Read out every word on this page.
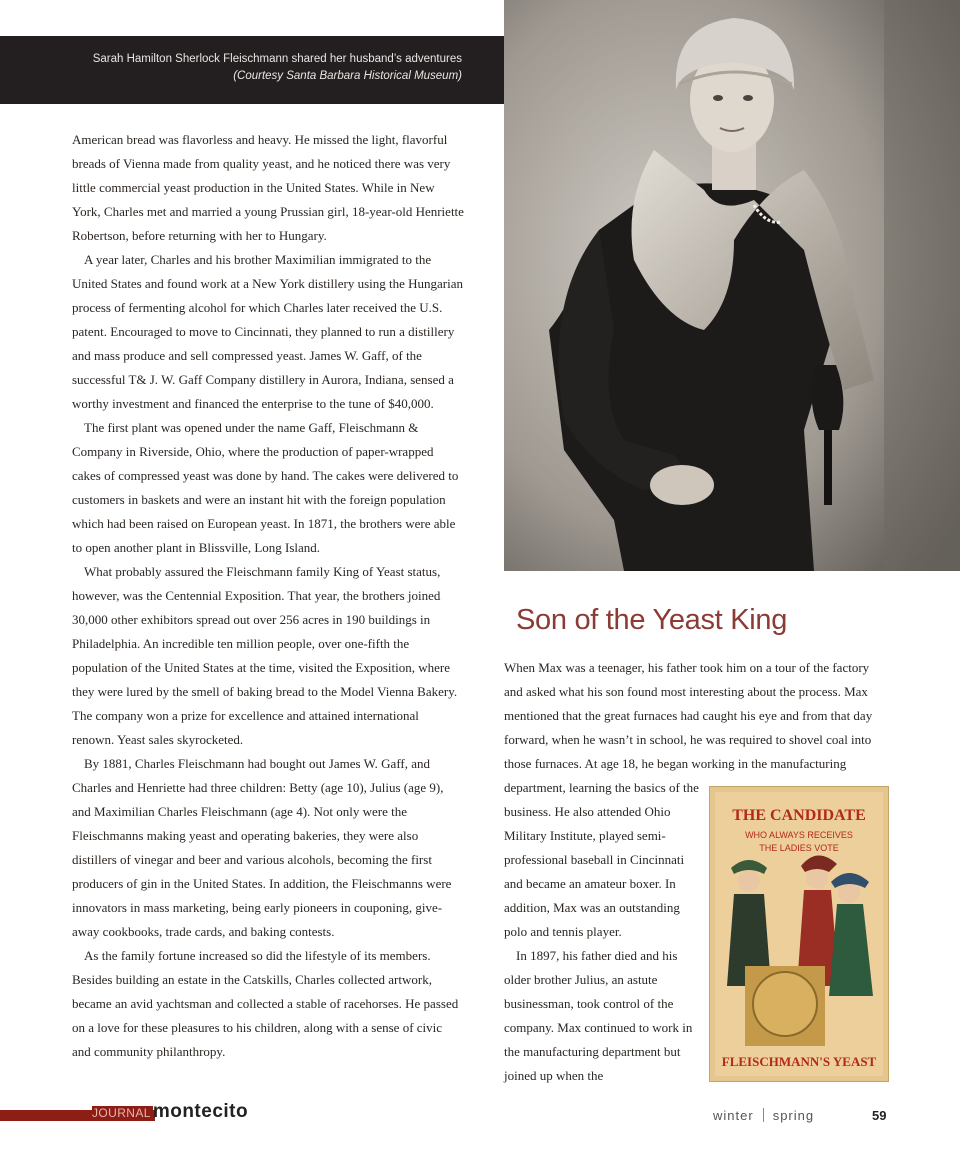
Sarah Hamilton Sherlock Fleischmann shared her husband’s adventures
(Courtesy Santa Barbara Historical Museum)

American bread was flavorless and heavy. He missed the light, flavorful breads of Vienna made from quality yeast, and he noticed there was very little commercial yeast production in the United States. While in New York, Charles met and married a young Prussian girl, 18-year-old Henriette Robertson, before returning with her to Hungary.

A year later, Charles and his brother Maximilian immigrated to the United States and found work at a New York distillery using the Hungarian process of fermenting alcohol for which Charles later received the U.S. patent. Encouraged to move to Cincinnati, they planned to run a distillery and mass produce and sell compressed yeast. James W. Gaff, of the successful T& J. W. Gaff Company distillery in Aurora, Indiana, sensed a worthy investment and financed the enterprise to the tune of $40,000.

The first plant was opened under the name Gaff, Fleischmann & Company in Riverside, Ohio, where the production of paper-wrapped cakes of compressed yeast was done by hand. The cakes were delivered to customers in baskets and were an instant hit with the foreign population which had been raised on European yeast. In 1871, the brothers were able to open another plant in Blissville, Long Island.

What probably assured the Fleischmann family King of Yeast status, however, was the Centennial Exposition. That year, the brothers joined 30,000 other exhibitors spread out over 256 acres in 190 buildings in Philadelphia. An incredible ten million people, over one-fifth the population of the United States at the time, visited the Exposition, where they were lured by the smell of baking bread to the Model Vienna Bakery. The company won a prize for excellence and attained international renown. Yeast sales skyrocketed.

By 1881, Charles Fleischmann had bought out James W. Gaff, and Charles and Henriette had three children: Betty (age 10), Julius (age 9), and Maximilian Charles Fleischmann (age 4). Not only were the Fleischmanns making yeast and operating bakeries, they were also distillers of vinegar and beer and various alcohols, becoming the first producers of gin in the United States. In addition, the Fleischmanns were innovators in mass marketing, being early pioneers in couponing, give-away cookbooks, trade cards, and baking contests.

As the family fortune increased so did the lifestyle of its members. Besides building an estate in the Catskills, Charles collected artwork, became an avid yachtsman and collected a stable of racehorses. He passed on a love for these pleasures to his children, along with a sense of civic and community philanthropy.

Son of the Yeast King

When Max was a teenager, his father took him on a tour of the factory and asked what his son found most interesting about the process. Max mentioned that the great furnaces had caught his eye and from that day forward, when he wasn’t in school, he was required to shovel coal into those furnaces. At age 18, he began working in the manufacturing

department, learning the basics of the business. He also attended Ohio Military Institute, played semi-professional baseball in Cincinnati and became an amateur boxer. In addition, Max was an outstanding polo and tennis player.

In 1897, his father died and his older brother Julius, an astute businessman, took control of the company. Max continued to work in the manufacturing department but joined up when the

THE CANDIDATE
WHO ALWAYS RECEIVES
THE LADIES VOTE
FLEISCHMANN'S YEAST
JOURNAL montecito	winter spring	59
